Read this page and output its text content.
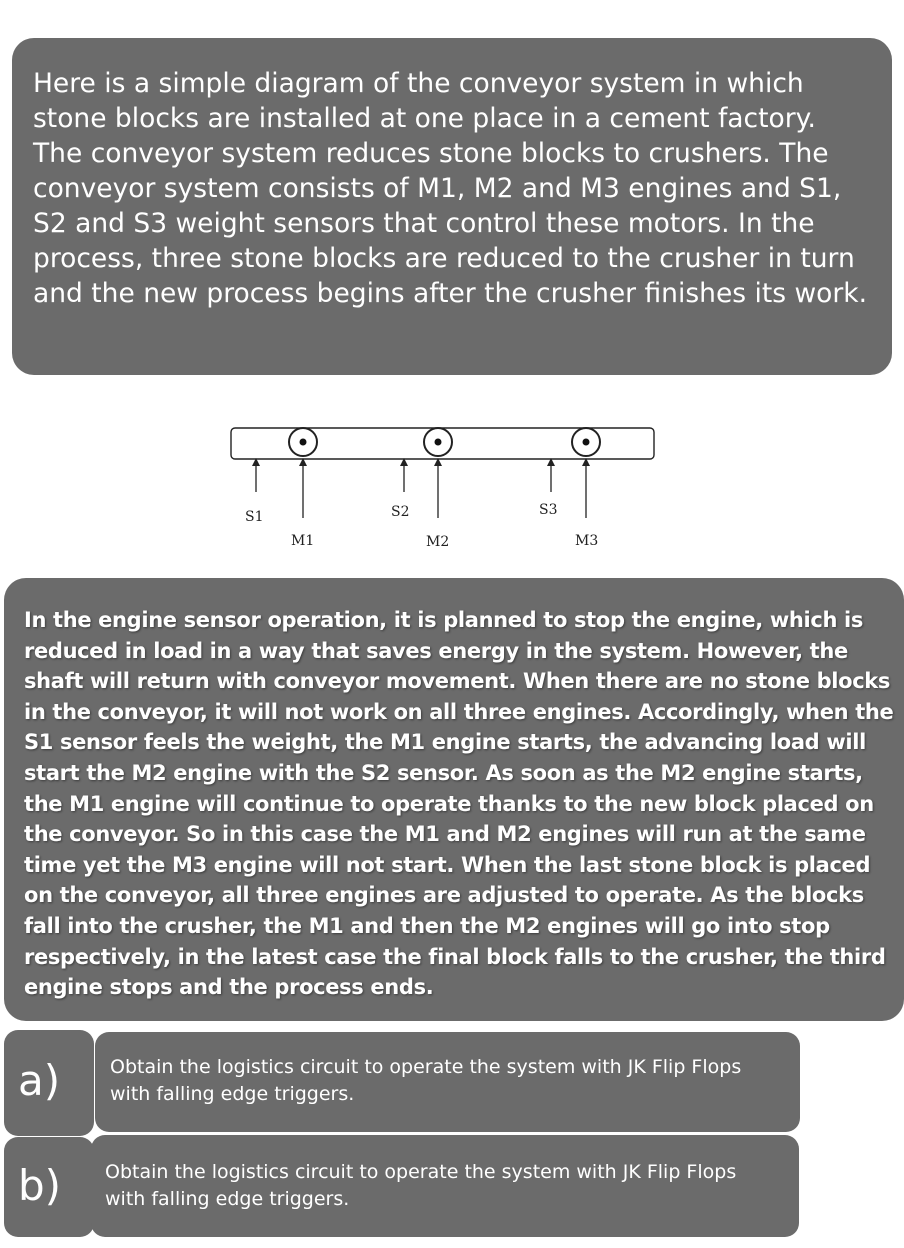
Here is a simple diagram of the conveyor system in which stone blocks are installed at one place in a cement factory. The conveyor system reduces stone blocks to crushers. The conveyor system consists of M1, M2 and M3 engines and S1, S2 and S3 weight sensors that control these motors. In the process, three stone blocks are reduced to the crusher in turn and the new process begins after the crusher finishes its work.
S1	S2	S3
M1	M2	M3
In the engine sensor operation, it is planned to stop the engine, which is reduced in load in a way that saves energy in the system. However, the shaft will return with conveyor movement. When there are no stone blocks in the conveyor, it will not work on all three engines. Accordingly, when the S1 sensor feels the weight, the M1 engine starts, the advancing load will start the M2 engine with the S2 sensor. As soon as the M2 engine starts, the M1 engine will continue to operate thanks to the new block placed on the conveyor. So in this case the M1 and M2 engines will run at the same time yet the M3 engine will not start. When the last stone block is placed on the conveyor, all three engines are adjusted to operate. As the blocks fall into the crusher, the M1 and then the M2 engines will go into stop respectively, in the latest case the final block falls to the crusher, the third engine stops and the process ends.
a)	Obtain the logistics circuit to operate the system with JK Flip Flops with falling edge triggers.
b)	Obtain the logistics circuit to operate the system with JK Flip Flops with falling edge triggers.
